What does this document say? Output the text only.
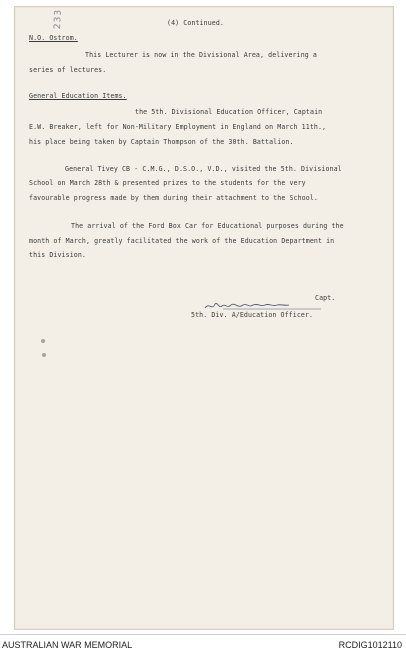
(4) Continued.
233
N.O. Ostrom.
This Lecturer is now in the Divisional Area, delivering a
series of lectures.
General Education Items.
the 5th. Divisional Education Officer, Captain
E.W. Breaker, left for Non-Military Employment in England on March 11th.,
his place being taken by Captain Thompson of the 30th. Battalion.
General Tivey CB - C.M.G., D.S.O., V.D., visited the 5th. Divisional
School on March 28th & presented prizes to the students for the very
favourable progress made by them during their attachment to the School.
The arrival of the Ford Box Car for Educational purposes during the
month of March, greatly facilitated the work of the Education Department in
this Division.
Capt.
5th. Div. A/Education Officer.
AUSTRALIAN WAR MEMORIAL	RCDIG1012110
